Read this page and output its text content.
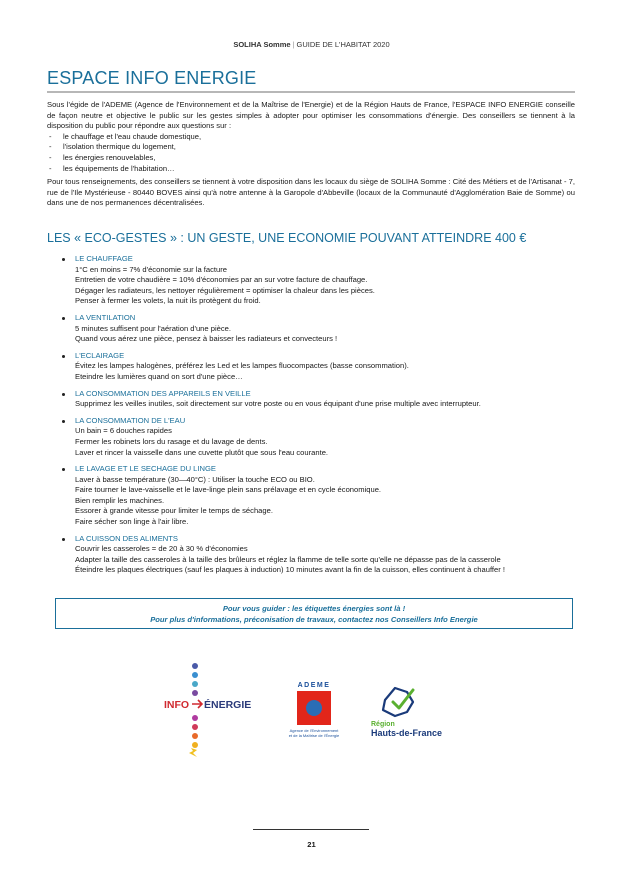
SOLIHA Somme | GUIDE DE L'HABITAT 2020
ESPACE INFO ENERGIE

Sous l'égide de l'ADEME (Agence de l'Environnement et de la Maîtrise de l'Energie) et de la Région Hauts de France, l'ESPACE INFO ENERGIE conseille de façon neutre et objective le public sur les gestes simples à adopter pour optimiser les consommations d'énergie. Des conseillers se tiennent à la disposition du public pour répondre aux questions sur :

- le chauffage et l'eau chaude domestique,
- l'isolation thermique du logement,
- les énergies renouvelables,
- les équipements de l'habitation…

Pour tous renseignements, des conseillers se tiennent à votre disposition dans les locaux du siège de SOLIHA Somme : Cité des Métiers et de l'Artisanat - 7, rue de l'Ile Mystérieuse - 80440 BOVES ainsi qu'à notre antenne à la Garopole d'Abbeville (locaux de la Communauté d'Agglomération Baie de Somme) ou dans une de nos permanences décentralisées.

LES « ECO-GESTES » : UN GESTE, UNE ECONOMIE POUVANT ATTEINDRE 400 €
LE CHAUFFAGE
1°C en moins = 7% d'économie sur la facture
Entretien de votre chaudière = 10% d'économies par an sur votre facture de chauffage.
Dégager les radiateurs, les nettoyer régulièrement = optimiser la chaleur dans les pièces.
Penser à fermer les volets, la nuit ils protègent du froid.
LA VENTILATION
5 minutes suffisent pour l'aération d'une pièce.
Quand vous aérez une pièce, pensez à baisser les radiateurs et convecteurs !
L'ECLAIRAGE
Évitez les lampes halogènes, préférez les Led et les lampes fluocompactes (basse consommation).
Eteindre les lumières quand on sort d'une pièce…
LA CONSOMMATION DES APPAREILS EN VEILLE
Supprimez les veilles inutiles, soit directement sur votre poste ou en vous équipant d'une prise multiple avec interrupteur.
LA CONSOMMATION DE L'EAU
Un bain = 6 douches rapides
Fermer les robinets lors du rasage et du lavage de dents.
Laver et rincer la vaisselle dans une cuvette plutôt que sous l'eau courante.
LE LAVAGE ET LE SECHAGE DU LINGE
Laver à basse température (30—40°C) : Utiliser la touche ECO ou BIO.
Faire tourner le lave-vaisselle et le lave-linge plein sans prélavage et en cycle économique.
Bien remplir les machines.
Essorer à grande vitesse pour limiter le temps de séchage.
Faire sécher son linge à l'air libre.
LA CUISSON DES ALIMENTS
Couvrir les casseroles = de 20 à 30 % d'économies
Adapter la taille des casseroles à la taille des brûleurs et réglez la flamme de telle sorte qu'elle ne dépasse pas de la casserole
Éteindre les plaques électriques (sauf les plaques à induction) 10 minutes avant la fin de la cuisson, elles continuent à chauffer !
Pour vous guider : les étiquettes énergies sont là !
Pour plus d'informations, préconisation de travaux, contactez nos Conseillers Info Energie
INFO ÉNERGIE
ADEME
Agence de l'Environnement
et de la Maîtrise de l'Énergie
Région
Hauts-de-France
21
